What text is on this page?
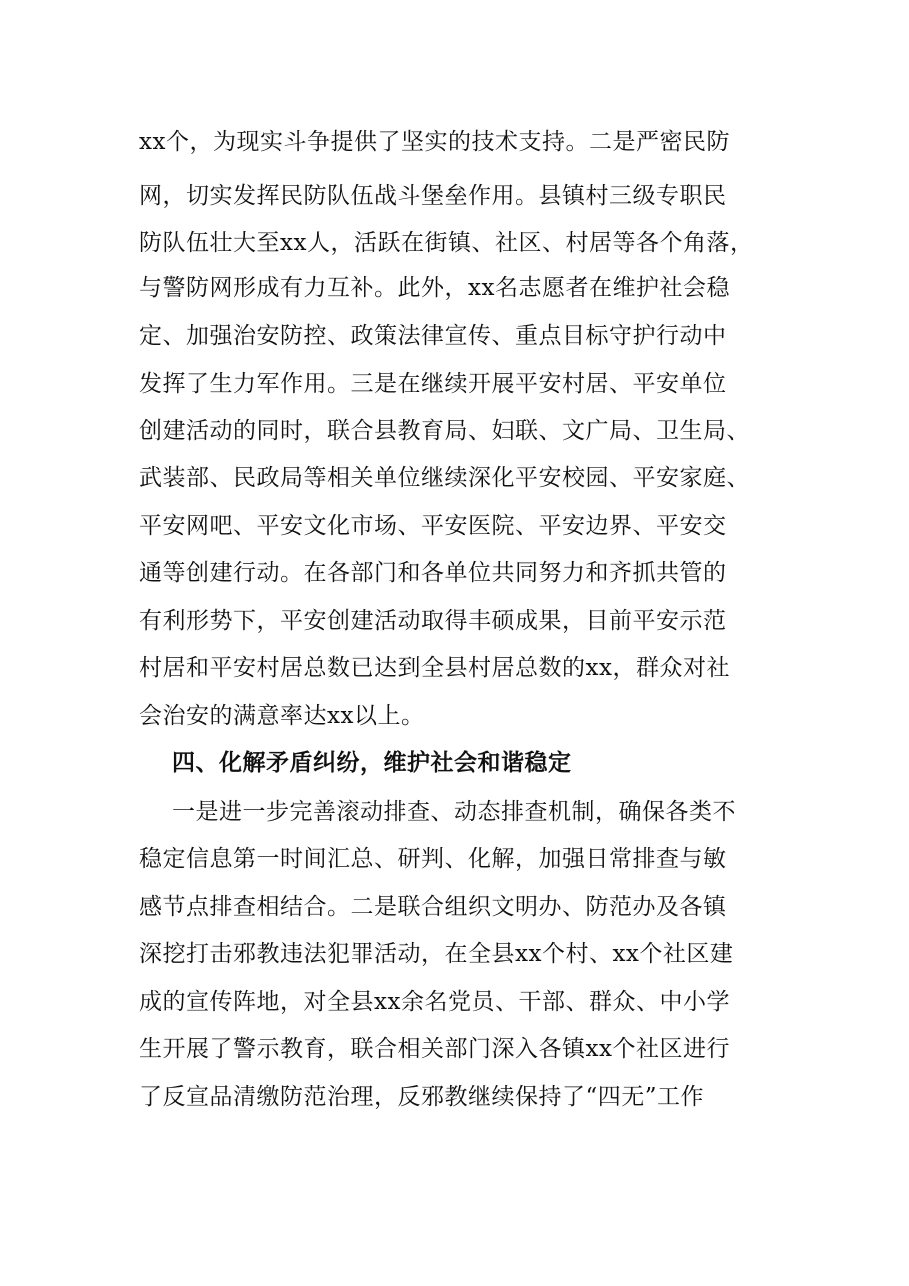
xx个，为现实斗争提供了坚实的技术支持。二是严密民防
网，切实发挥民防队伍战斗堡垒作用。县镇村三级专职民
防队伍壮大至xx人，活跃在街镇、社区、村居等各个角落，
与警防网形成有力互补。此外，xx名志愿者在维护社会稳
定、加强治安防控、政策法律宣传、重点目标守护行动中
发挥了生力军作用。三是在继续开展平安村居、平安单位
创建活动的同时，联合县教育局、妇联、文广局、卫生局、
武装部、民政局等相关单位继续深化平安校园、平安家庭、
平安网吧、平安文化市场、平安医院、平安边界、平安交
通等创建行动。在各部门和各单位共同努力和齐抓共管的
有利形势下，平安创建活动取得丰硕成果，目前平安示范
村居和平安村居总数已达到全县村居总数的xx，群众对社
会治安的满意率达xx以上。
四、化解矛盾纠纷，维护社会和谐稳定
一是进一步完善滚动排查、动态排查机制，确保各类不
稳定信息第一时间汇总、研判、化解，加强日常排查与敏
感节点排查相结合。二是联合组织文明办、防范办及各镇
深挖打击邪教违法犯罪活动，在全县xx个村、xx个社区建
成的宣传阵地，对全县xx余名党员、干部、群众、中小学
生开展了警示教育，联合相关部门深入各镇xx个社区进行
了反宣品清缴防范治理，反邪教继续保持了“四无”工作
